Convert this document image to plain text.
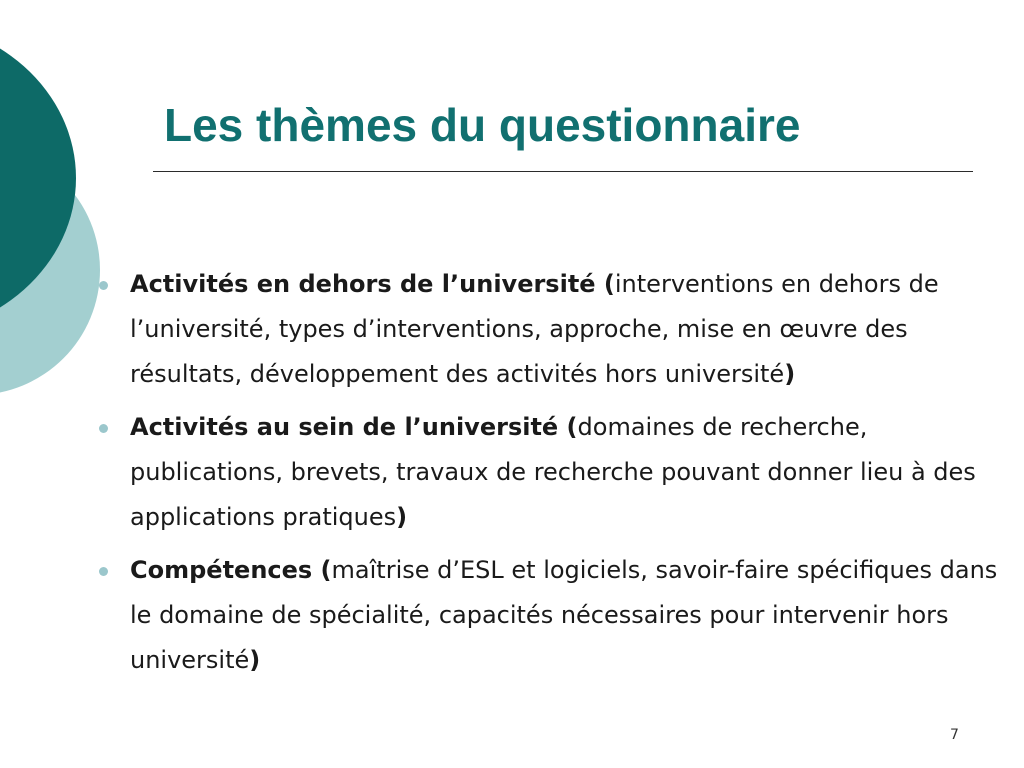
Les thèmes du questionnaire
Activités en dehors de l’université (interventions en dehors de l’université, types d’interventions, approche, mise en œuvre des résultats, développement des activités hors université)
Activités au sein de l’université (domaines de recherche, publications, brevets, travaux de recherche pouvant donner lieu à des applications pratiques)
Compétences (maîtrise d’ESL et logiciels, savoir-faire spécifiques dans le domaine de spécialité, capacités nécessaires pour intervenir hors université)
7
